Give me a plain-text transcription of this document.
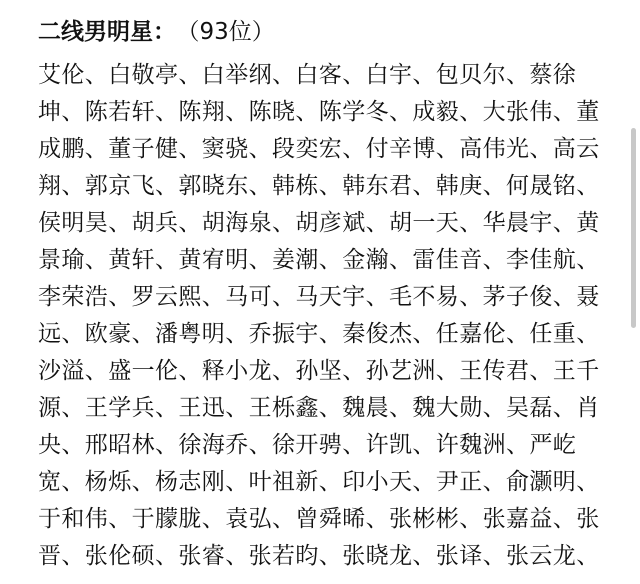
二线男明星： （93位）
艾伦、白敬亭、白举纲、白客、白宇、包贝尔、蔡徐
坤、陈若轩、陈翔、陈晓、陈学冬、成毅、大张伟、董
成鹏、董子健、窦骁、段奕宏、付辛博、高伟光、高云
翔、郭京飞、郭晓东、韩栋、韩东君、韩庚、何晟铭、
侯明昊、胡兵、胡海泉、胡彦斌、胡一天、华晨宇、黄
景瑜、黄轩、黄宥明、姜潮、金瀚、雷佳音、李佳航、
李荣浩、罗云熙、马可、马天宇、毛不易、茅子俊、聂
远、欧豪、潘粤明、乔振宇、秦俊杰、任嘉伦、任重、
沙溢、盛一伦、释小龙、孙坚、孙艺洲、王传君、王千
源、王学兵、王迅、王栎鑫、魏晨、魏大勋、吴磊、肖
央、邢昭林、徐海乔、徐开骋、许凯、许魏洲、严屹
宽、杨烁、杨志刚、叶祖新、印小天、尹正、俞灏明、
于和伟、于朦胧、袁弘、曾舜晞、张彬彬、张嘉益、张
晋、张伦硕、张睿、张若昀、张晓龙、张译、张云龙、
